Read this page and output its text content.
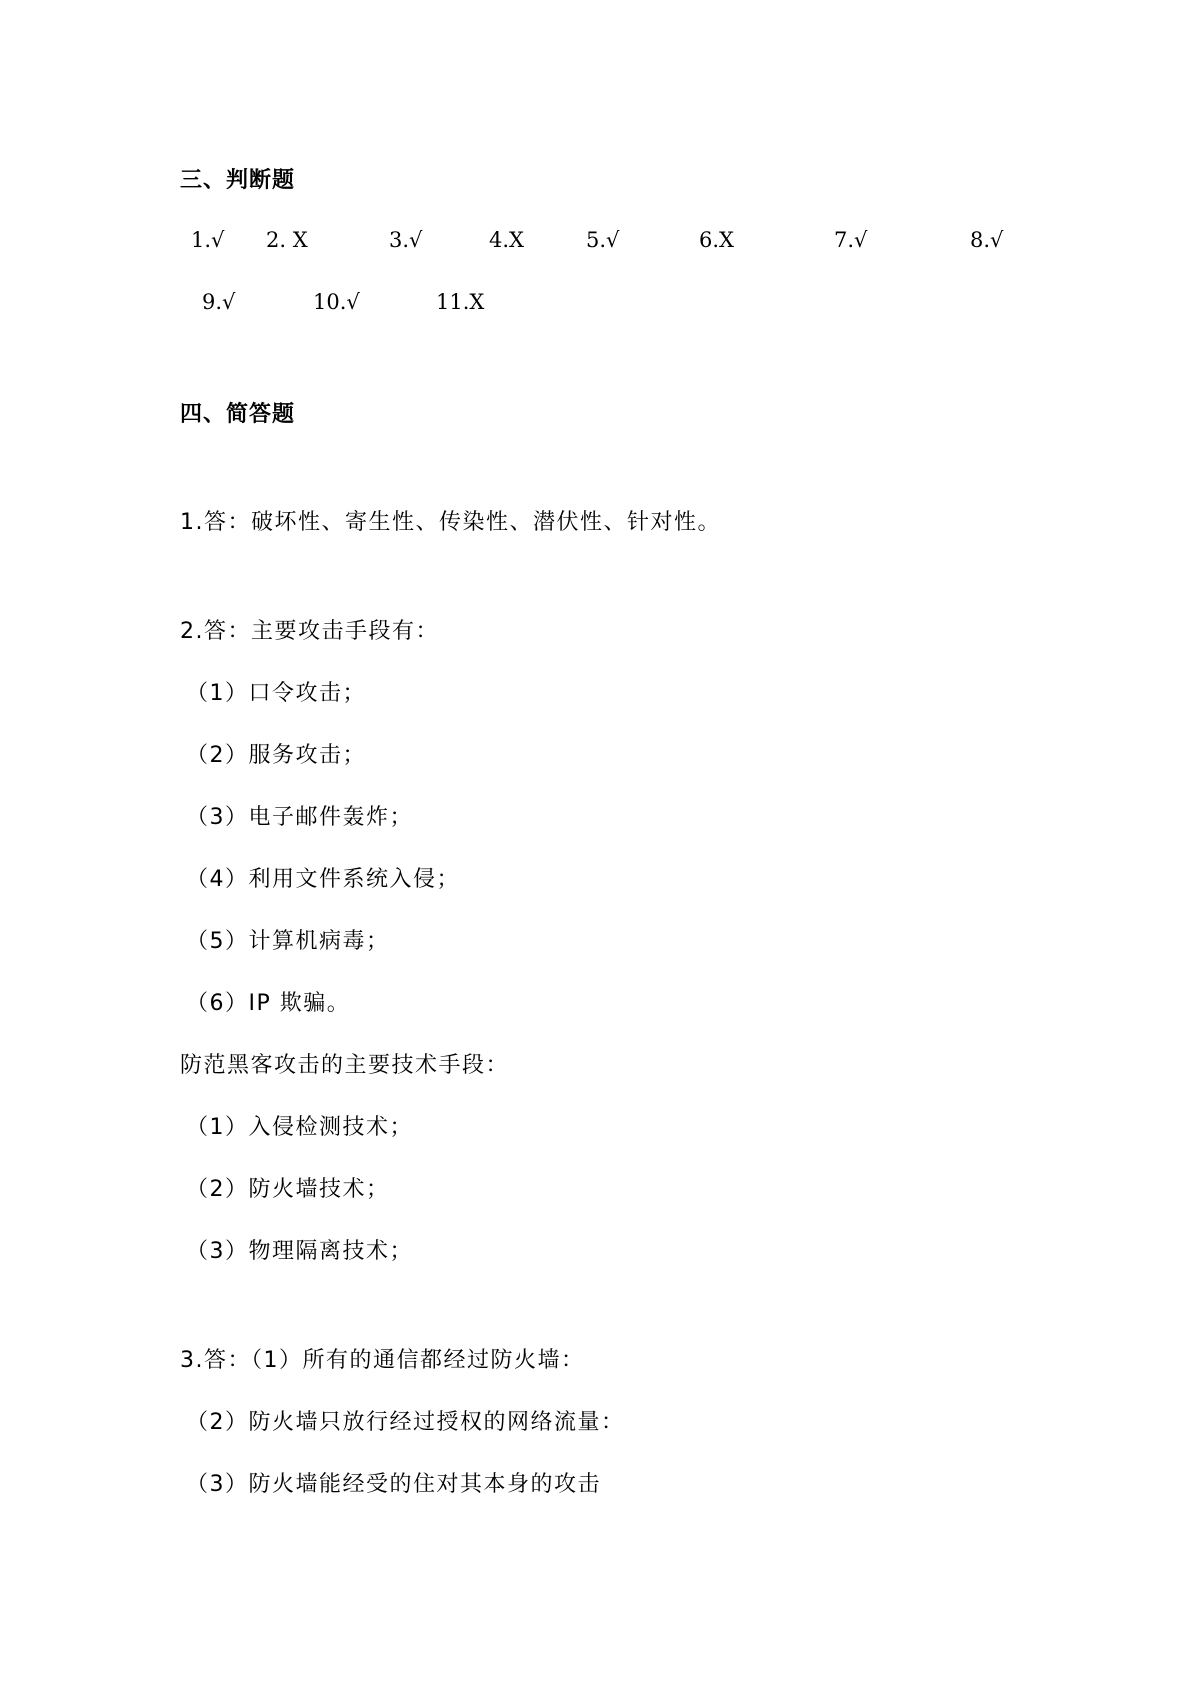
三、判断题
1.√ 2. X	3.√	4.X	5.√	6.X	7.√	8.√
9.√	10.√	11.X
四、简答题
1.答：破坏性、寄生性、传染性、潜伏性、针对性。
2.答：主要攻击手段有：
（1）口令攻击；
（2）服务攻击；
（3）电子邮件轰炸；
（4）利用文件系统入侵；
（5）计算机病毒；
（6）IP 欺骗。
防范黑客攻击的主要技术手段：
（1）入侵检测技术；
（2）防火墙技术；
（3）物理隔离技术；
3.答：（1）所有的通信都经过防火墙：
（2）防火墙只放行经过授权的网络流量：
（3）防火墙能经受的住对其本身的攻击
